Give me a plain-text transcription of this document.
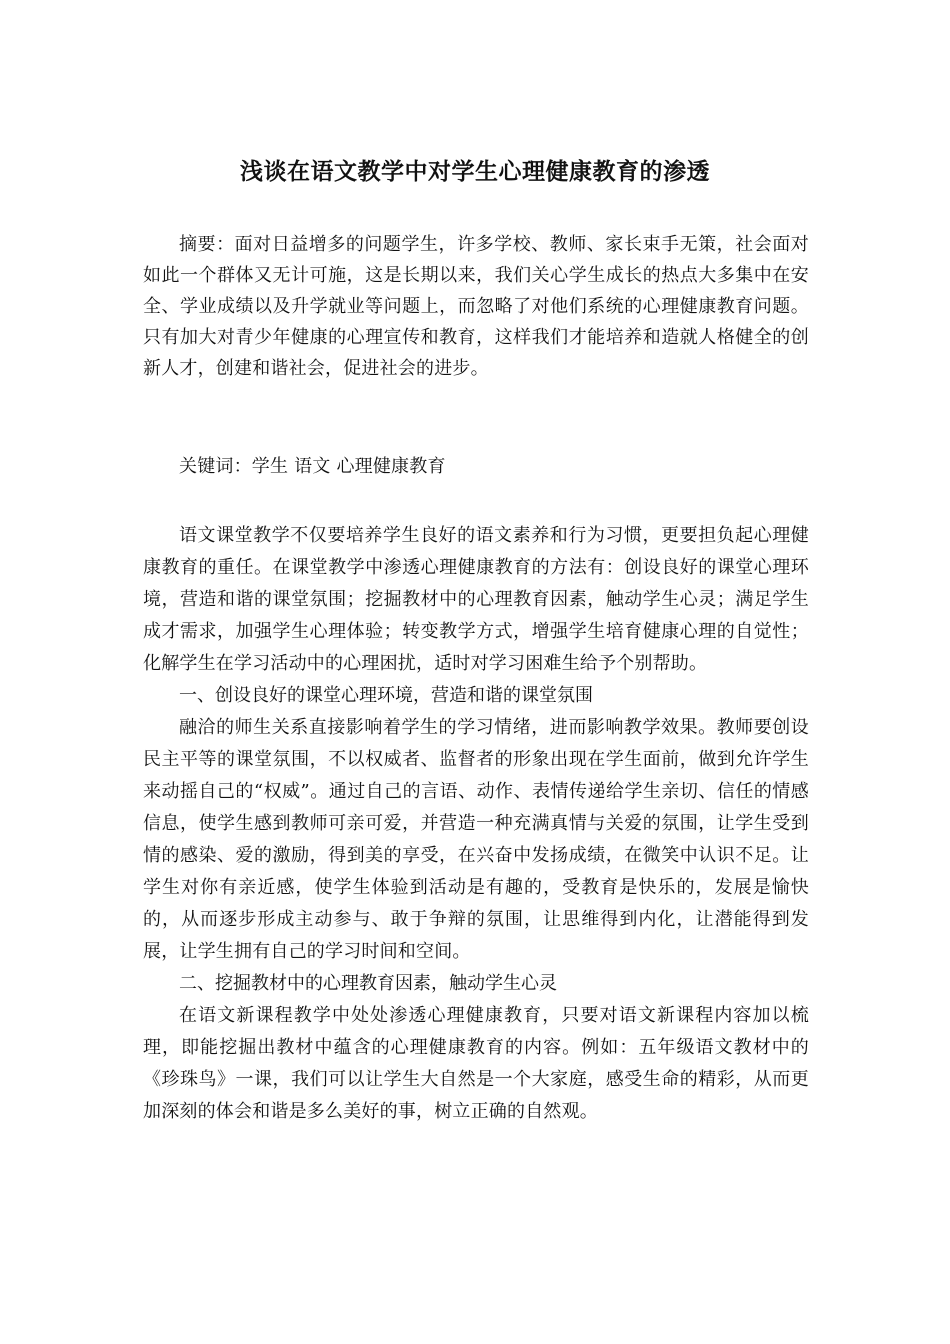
浅谈在语文教学中对学生心理健康教育的渗透

摘要：面对日益增多的问题学生，许多学校、教师、家长束手无策，社会面对如此一个群体又无计可施，这是长期以来，我们关心学生成长的热点大多集中在安全、学业成绩以及升学就业等问题上，而忽略了对他们系统的心理健康教育问题。只有加大对青少年健康的心理宣传和教育，这样我们才能培养和造就人格健全的创新人才，创建和谐社会，促进社会的进步。

关键词：学生 语文 心理健康教育

语文课堂教学不仅要培养学生良好的语文素养和行为习惯，更要担负起心理健康教育的重任。在课堂教学中渗透心理健康教育的方法有：创设良好的课堂心理环境，营造和谐的课堂氛围；挖掘教材中的心理教育因素，触动学生心灵；满足学生成才需求，加强学生心理体验；转变教学方式，增强学生培育健康心理的自觉性；化解学生在学习活动中的心理困扰，适时对学习困难生给予个别帮助。

一、创设良好的课堂心理环境，营造和谐的课堂氛围

融洽的师生关系直接影响着学生的学习情绪，进而影响教学效果。教师要创设民主平等的课堂氛围，不以权威者、监督者的形象出现在学生面前，做到允许学生来动摇自己的“权威”。通过自己的言语、动作、表情传递给学生亲切、信任的情感信息，使学生感到教师可亲可爱，并营造一种充满真情与关爱的氛围，让学生受到情的感染、爱的激励，得到美的享受，在兴奋中发扬成绩，在微笑中认识不足。让学生对你有亲近感，使学生体验到活动是有趣的，受教育是快乐的，发展是愉快的，从而逐步形成主动参与、敢于争辩的氛围，让思维得到内化，让潜能得到发展，让学生拥有自己的学习时间和空间。

二、挖掘教材中的心理教育因素，触动学生心灵

在语文新课程教学中处处渗透心理健康教育，只要对语文新课程内容加以梳理，即能挖掘出教材中蕴含的心理健康教育的内容。例如：五年级语文教材中的《珍珠鸟》一课，我们可以让学生大自然是一个大家庭，感受生命的精彩，从而更加深刻的体会和谐是多么美好的事，树立正确的自然观。
